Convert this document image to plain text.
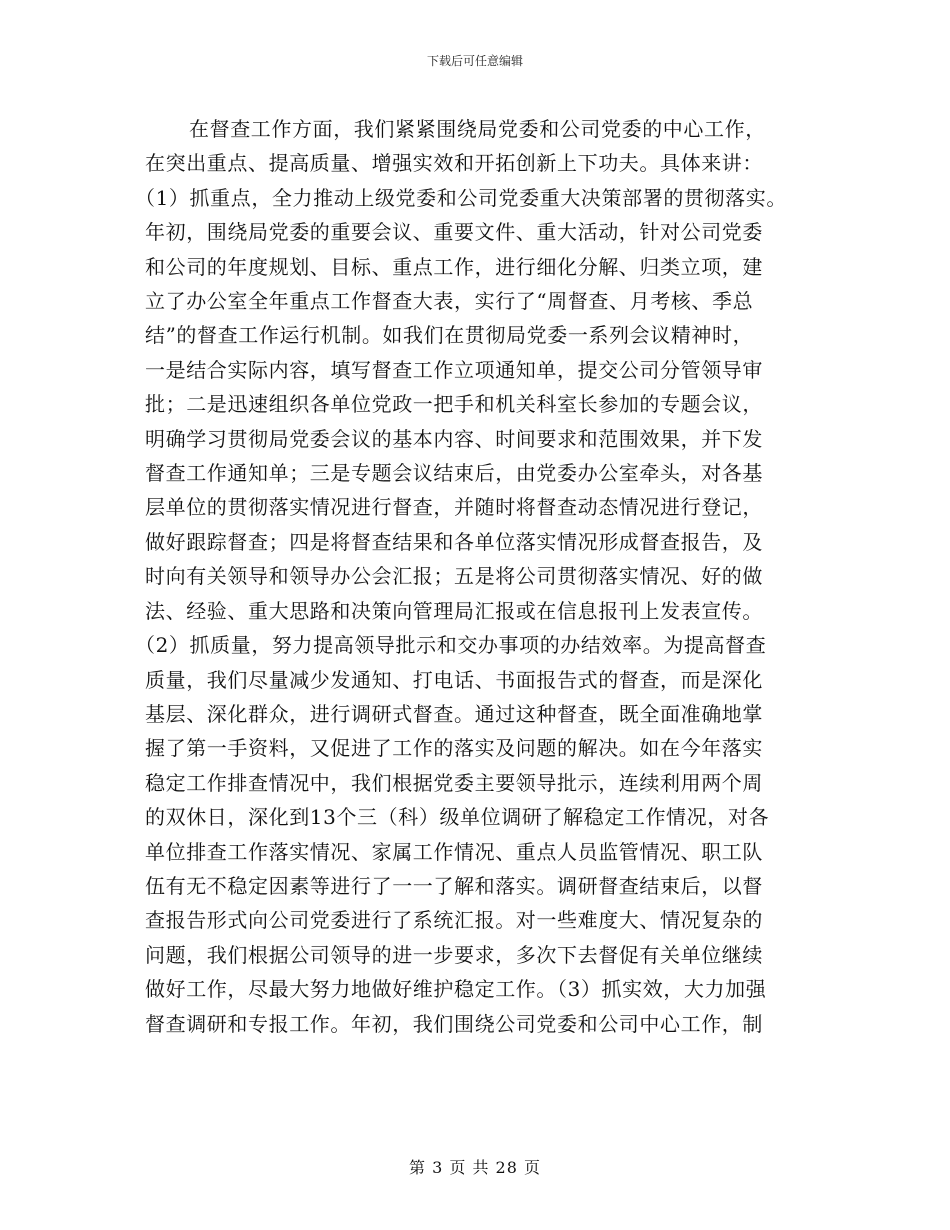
下载后可任意编辑
在督查工作方面，我们紧紧围绕局党委和公司党委的中心工作，
在突出重点、提高质量、增强实效和开拓创新上下功夫。具体来讲：
（1）抓重点，全力推动上级党委和公司党委重大决策部署的贯彻落实。
年初，围绕局党委的重要会议、重要文件、重大活动，针对公司党委
和公司的年度规划、目标、重点工作，进行细化分解、归类立项，建
立了办公室全年重点工作督查大表，实行了“周督查、月考核、季总
结”的督查工作运行机制。如我们在贯彻局党委一系列会议精神时，
一是结合实际内容，填写督查工作立项通知单，提交公司分管领导审
批；二是迅速组织各单位党政一把手和机关科室长参加的专题会议，
明确学习贯彻局党委会议的基本内容、时间要求和范围效果，并下发
督查工作通知单；三是专题会议结束后，由党委办公室牵头，对各基
层单位的贯彻落实情况进行督查，并随时将督查动态情况进行登记，
做好跟踪督查；四是将督查结果和各单位落实情况形成督查报告，及
时向有关领导和领导办公会汇报；五是将公司贯彻落实情况、好的做
法、经验、重大思路和决策向管理局汇报或在信息报刊上发表宣传。
（2）抓质量，努力提高领导批示和交办事项的办结效率。为提高督查
质量，我们尽量减少发通知、打电话、书面报告式的督查，而是深化
基层、深化群众，进行调研式督查。通过这种督查，既全面准确地掌
握了第一手资料，又促进了工作的落实及问题的解决。如在今年落实
稳定工作排查情况中，我们根据党委主要领导批示，连续利用两个周
的双休日，深化到13个三（科）级单位调研了解稳定工作情况，对各
单位排查工作落实情况、家属工作情况、重点人员监管情况、职工队
伍有无不稳定因素等进行了一一了解和落实。调研督查结束后，以督
查报告形式向公司党委进行了系统汇报。对一些难度大、情况复杂的
问题，我们根据公司领导的进一步要求，多次下去督促有关单位继续
做好工作，尽最大努力地做好维护稳定工作。（3）抓实效，大力加强
督查调研和专报工作。年初，我们围绕公司党委和公司中心工作，制
第 3 页 共 28 页
